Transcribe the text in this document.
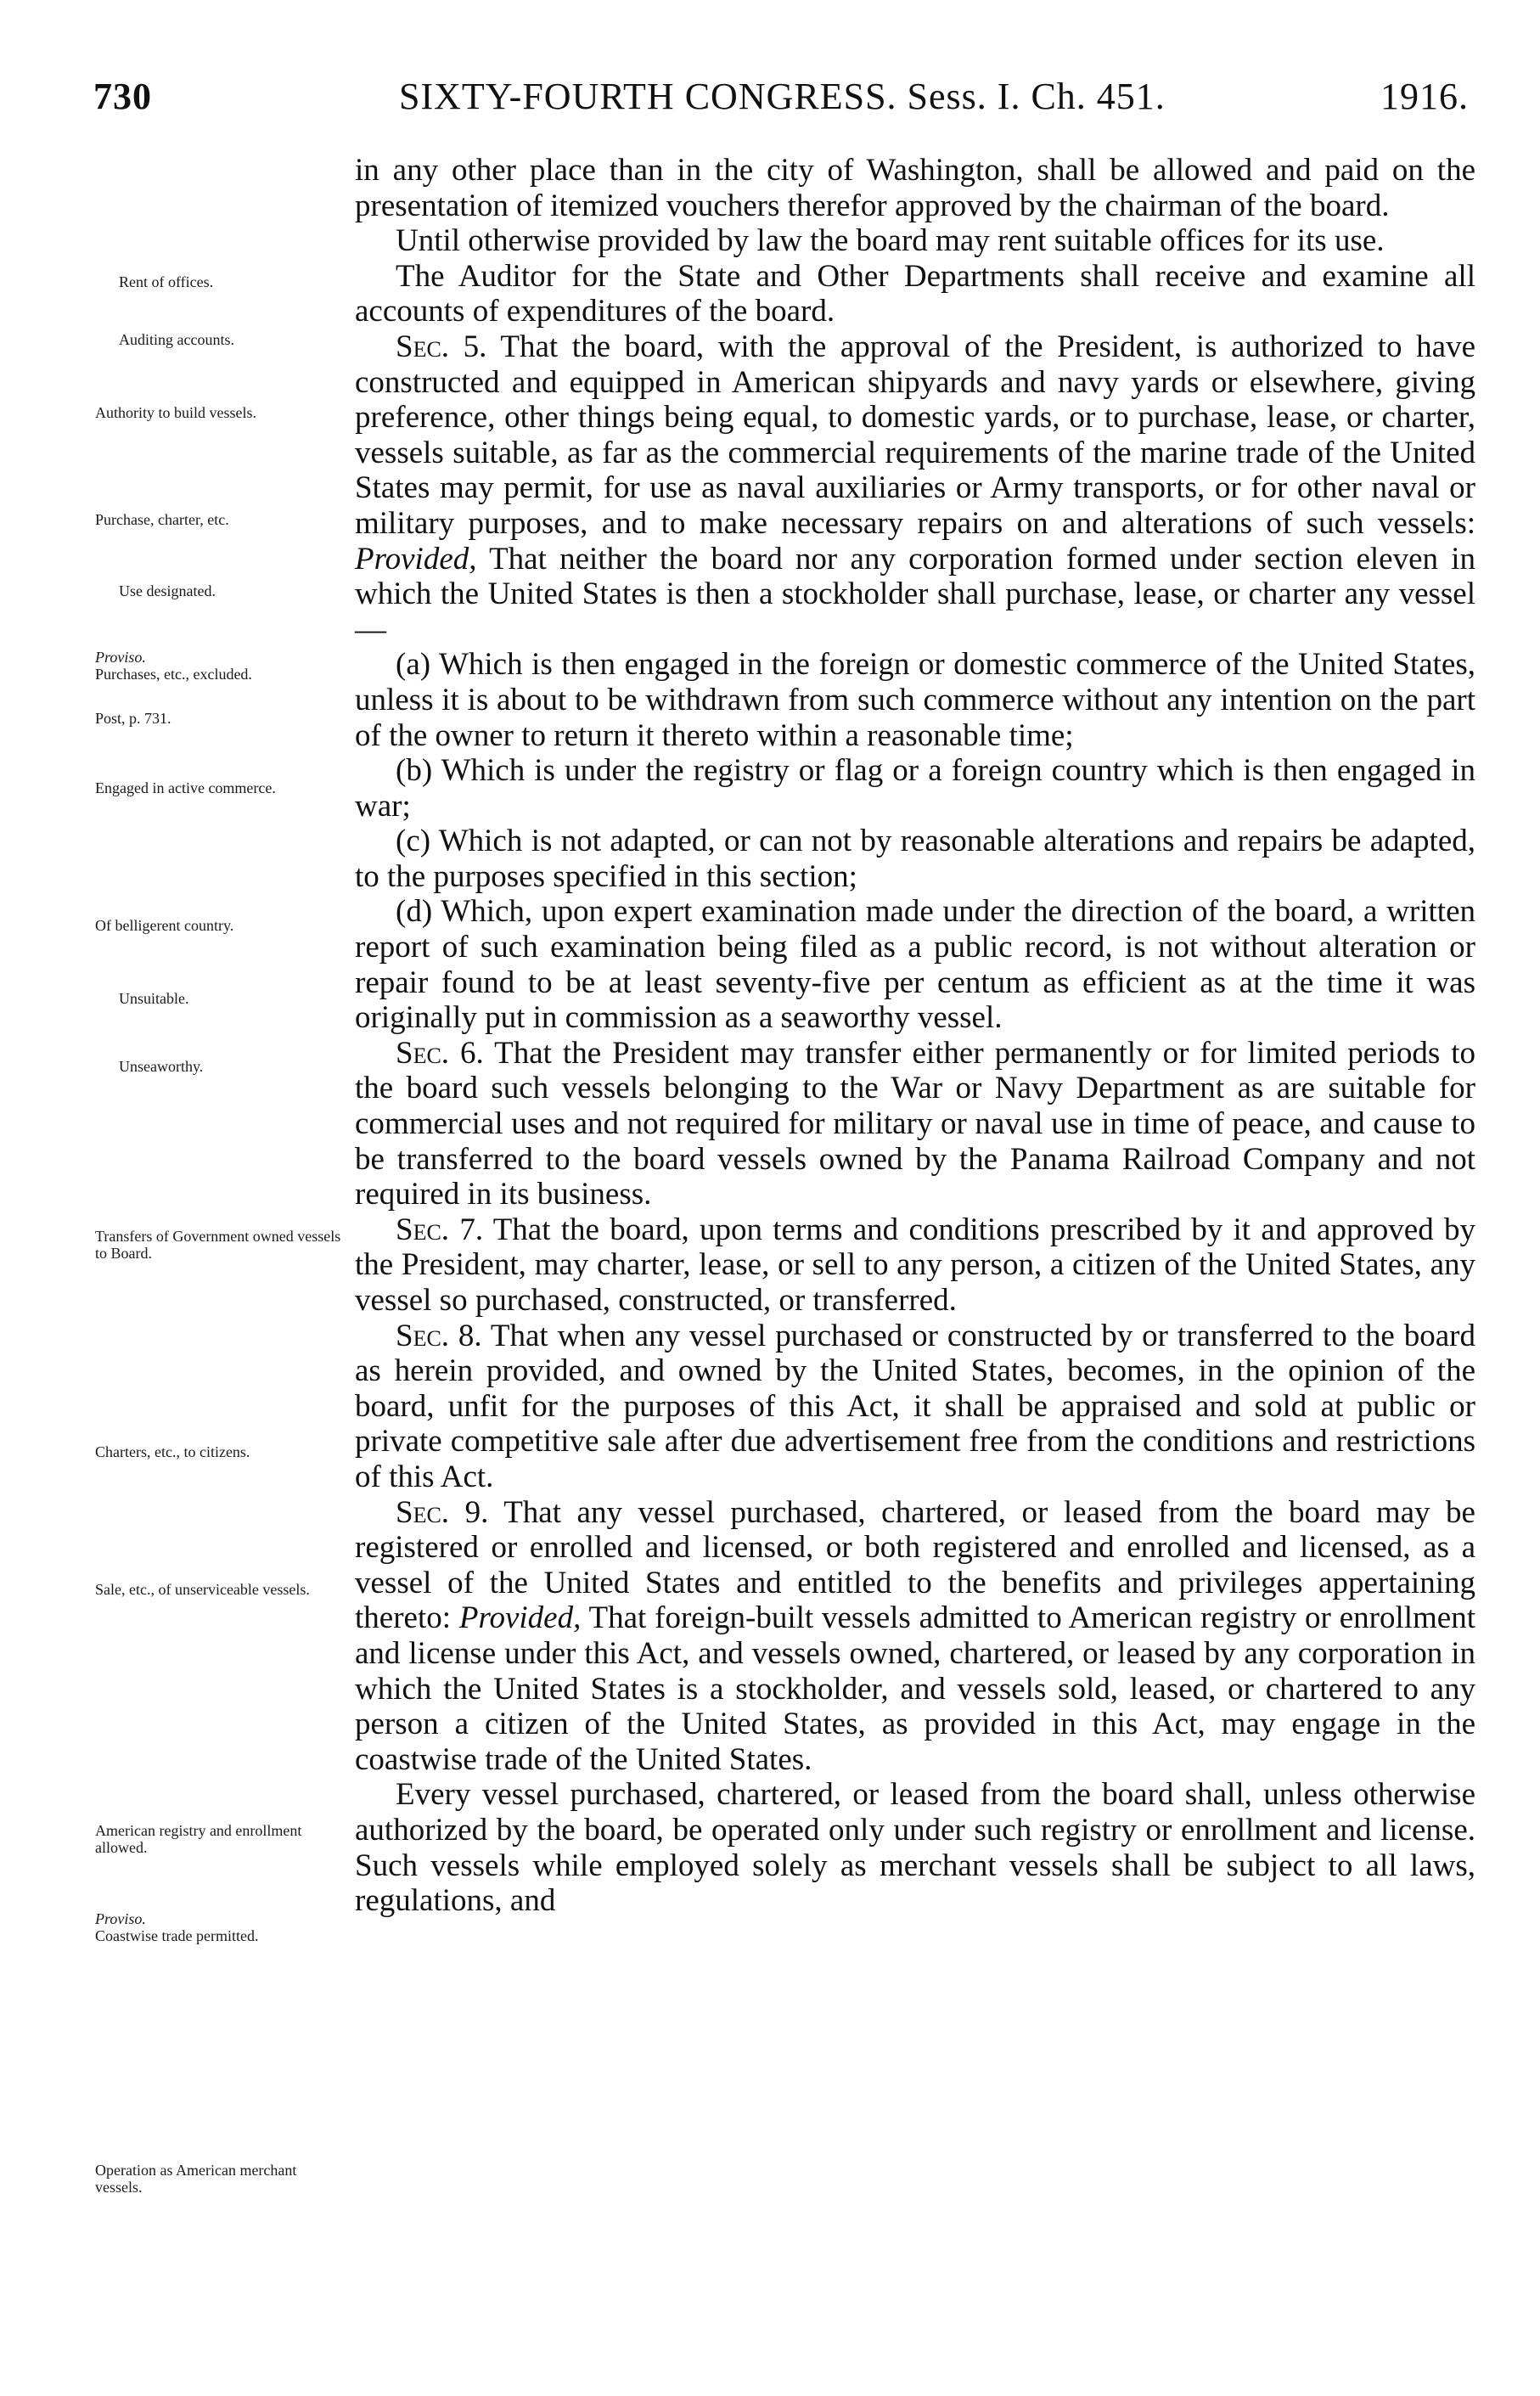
730	SIXTY-FOURTH CONGRESS. Sess. I. Ch. 451.	1916.
Rent of offices.
Auditing accounts.
Authority to build vessels.
Purchase, charter, etc.
Use designated.
Proviso.
Purchases, etc., excluded.
Post, p. 731.
Engaged in active commerce.
Of belligerent country.
Unsuitable.
Unseaworthy.
Transfers of Government owned vessels to Board.
Charters, etc., to citizens.
Sale, etc., of unserviceable vessels.
American registry and enrollment allowed.
Proviso.
Coastwise trade permitted.
Operation as American merchant vessels.

in any other place than in the city of Washington, shall be allowed and paid on the presentation of itemized vouchers therefor approved by the chairman of the board.

Until otherwise provided by law the board may rent suitable offices for its use.

The Auditor for the State and Other Departments shall receive and examine all accounts of expenditures of the board.

Sec. 5. That the board, with the approval of the President, is authorized to have constructed and equipped in American shipyards and navy yards or elsewhere, giving preference, other things being equal, to domestic yards, or to purchase, lease, or charter, vessels suitable, as far as the commercial requirements of the marine trade of the United States may permit, for use as naval auxiliaries or Army transports, or for other naval or military purposes, and to make necessary repairs on and alterations of such vessels: Provided, That neither the board nor any corporation formed under section eleven in which the United States is then a stockholder shall purchase, lease, or charter any vessel—

(a) Which is then engaged in the foreign or domestic commerce of the United States, unless it is about to be withdrawn from such commerce without any intention on the part of the owner to return it thereto within a reasonable time;

(b) Which is under the registry or flag or a foreign country which is then engaged in war;

(c) Which is not adapted, or can not by reasonable alterations and repairs be adapted, to the purposes specified in this section;

(d) Which, upon expert examination made under the direction of the board, a written report of such examination being filed as a public record, is not without alteration or repair found to be at least seventy-five per centum as efficient as at the time it was originally put in commission as a seaworthy vessel.

Sec. 6. That the President may transfer either permanently or for limited periods to the board such vessels belonging to the War or Navy Department as are suitable for commercial uses and not required for military or naval use in time of peace, and cause to be transferred to the board vessels owned by the Panama Railroad Company and not required in its business.

Sec. 7. That the board, upon terms and conditions prescribed by it and approved by the President, may charter, lease, or sell to any person, a citizen of the United States, any vessel so purchased, constructed, or transferred.

Sec. 8. That when any vessel purchased or constructed by or transferred to the board as herein provided, and owned by the United States, becomes, in the opinion of the board, unfit for the purposes of this Act, it shall be appraised and sold at public or private competitive sale after due advertisement free from the conditions and restrictions of this Act.

Sec. 9. That any vessel purchased, chartered, or leased from the board may be registered or enrolled and licensed, or both registered and enrolled and licensed, as a vessel of the United States and entitled to the benefits and privileges appertaining thereto: Provided, That foreign-built vessels admitted to American registry or enrollment and license under this Act, and vessels owned, chartered, or leased by any corporation in which the United States is a stockholder, and vessels sold, leased, or chartered to any person a citizen of the United States, as provided in this Act, may engage in the coastwise trade of the United States.

Every vessel purchased, chartered, or leased from the board shall, unless otherwise authorized by the board, be operated only under such registry or enrollment and license. Such vessels while employed solely as merchant vessels shall be subject to all laws, regulations, and
